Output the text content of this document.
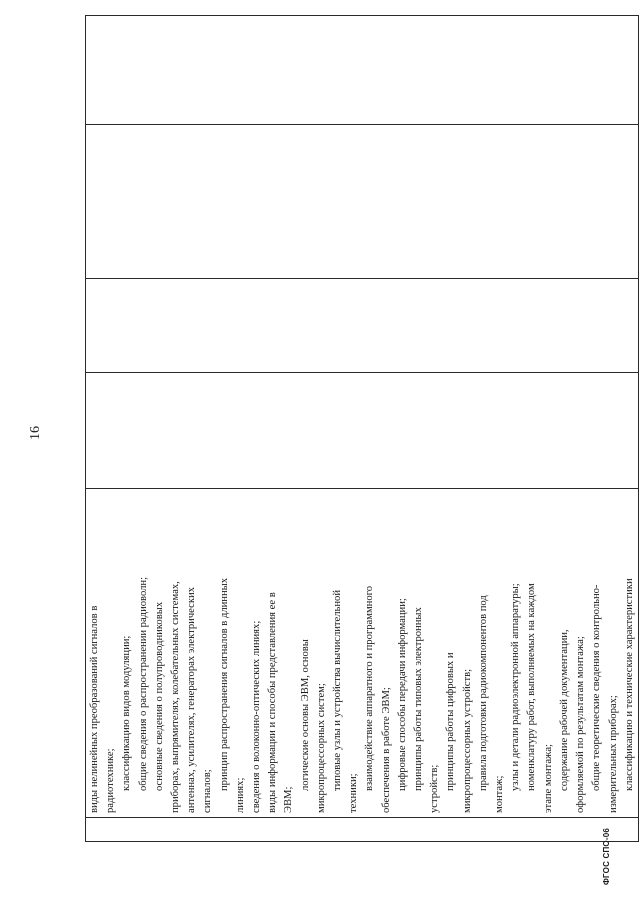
16

виды нелинейных преобразований сигналов в радиотехнике; классификацию видов модуляции; общие сведения о распространении радиоволн; основные сведения о полупроводниковых приборах, выпрямителях, колебательных системах, антеннах, усилителях, генераторах электрических сигналов;
принцип распространения сигналов в длинных
линиях; сведения о волоконно-оптических линиях; виды информации и способы представления ее в ЭВМ;
логические основы ЭВМ, основы микропроцессорных систем; типовые узлы и устройства вычислительной
техники;
взаимодействие аппаратного и программного обеспечения в работе ЭВМ; цифровые способы передачи информации; принципы работы типовых электронных устройств; принципы работы цифровых и микропроцессорных устройств; правила подготовки радиокомпонентов под
монтаж;
узлы и детали радиоэлектронной аппаратуры; номенклатуру работ, выполняемых на каждом этапе монтажа; содержание рабочей документации, оформляемой по результатам монтажа; общие теоретические сведения о контрольно- измерительных приборах; классификацию и технические характеристики

ФГОС СПО-06
